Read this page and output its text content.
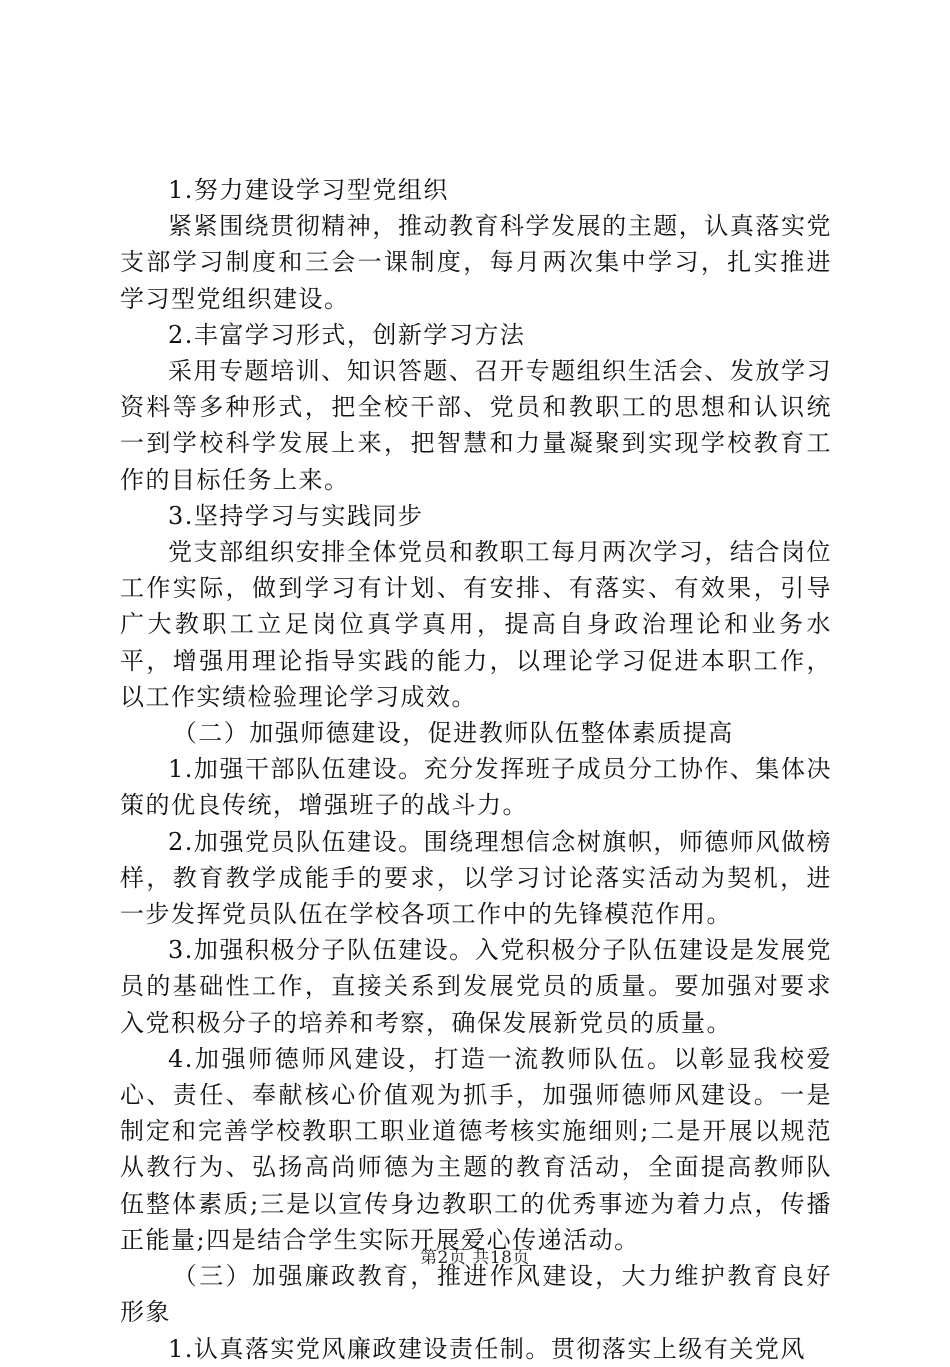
1.努力建设学习型党组织

紧紧围绕贯彻精神，推动教育科学发展的主题，认真落实党支部学习制度和三会一课制度，每月两次集中学习，扎实推进学习型党组织建设。

2.丰富学习形式，创新学习方法

采用专题培训、知识答题、召开专题组织生活会、发放学习资料等多种形式，把全校干部、党员和教职工的思想和认识统一到学校科学发展上来，把智慧和力量凝聚到实现学校教育工作的目标任务上来。

3.坚持学习与实践同步

党支部组织安排全体党员和教职工每月两次学习，结合岗位工作实际，做到学习有计划、有安排、有落实、有效果，引导广大教职工立足岗位真学真用，提高自身政治理论和业务水平，增强用理论指导实践的能力，以理论学习促进本职工作，以工作实绩检验理论学习成效。

（二）加强师德建设，促进教师队伍整体素质提高

1.加强干部队伍建设。充分发挥班子成员分工协作、集体决策的优良传统，增强班子的战斗力。

2.加强党员队伍建设。围绕理想信念树旗帜，师德师风做榜样，教育教学成能手的要求，以学习讨论落实活动为契机，进一步发挥党员队伍在学校各项工作中的先锋模范作用。

3.加强积极分子队伍建设。入党积极分子队伍建设是发展党员的基础性工作，直接关系到发展党员的质量。要加强对要求入党积极分子的培养和考察，确保发展新党员的质量。

4.加强师德师风建设，打造一流教师队伍。以彰显我校爱心、责任、奉献核心价值观为抓手，加强师德师风建设。一是制定和完善学校教职工职业道德考核实施细则;二是开展以规范从教行为、弘扬高尚师德为主题的教育活动，全面提高教师队伍整体素质;三是以宣传身边教职工的优秀事迹为着力点，传播正能量;四是结合学生实际开展爱心传递活动。

（三）加强廉政教育，推进作风建设，大力维护教育良好形象

1.认真落实党风廉政建设责任制。贯彻落实上级有关党风

第2页 共18页
